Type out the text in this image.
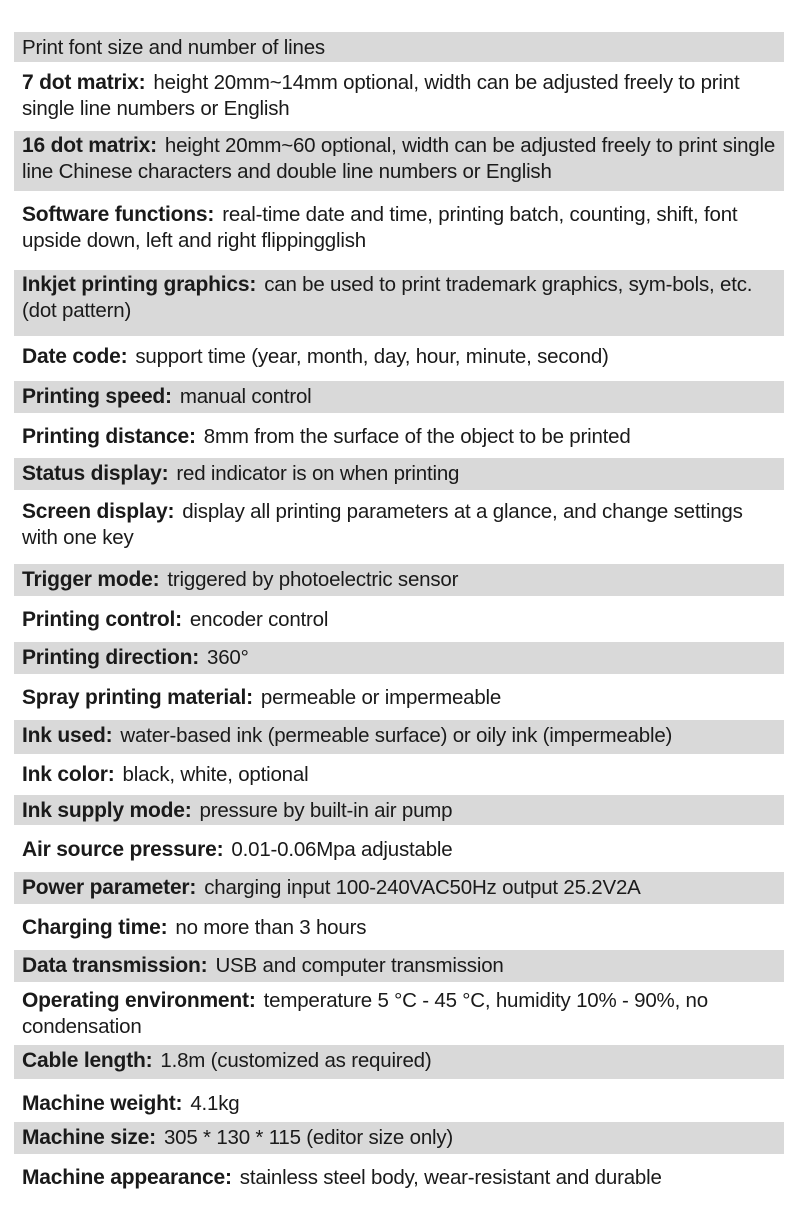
Print font size and number of lines
7 dot matrix: height 20mm~14mm optional, width can be adjusted freely to print single line numbers or English
16 dot matrix: height 20mm~60 optional, width can be adjusted freely to print single line Chinese characters and double line numbers or English
Software functions: real-time date and time, printing batch, counting, shift, font upside down, left and right flippingglish
Inkjet printing graphics: can be used to print trademark graphics, sym-bols, etc. (dot pattern)
Date code: support time (year, month, day, hour, minute, second)
Printing speed: manual control
Printing distance: 8mm from the surface of the object to be printed
Status display: red indicator is on when printing
Screen display: display all printing parameters at a glance, and change settings with one key
Trigger mode: triggered by photoelectric sensor
Printing control: encoder control
Printing direction: 360°
Spray printing material: permeable or impermeable
Ink used: water-based ink (permeable surface) or oily ink (impermeable)
Ink color: black, white, optional
Ink supply mode: pressure by built-in air pump
Air source pressure: 0.01-0.06Mpa adjustable
Power parameter: charging input 100-240VAC50Hz output 25.2V2A
Charging time: no more than 3 hours
Data transmission: USB and computer transmission
Operating environment: temperature 5 °C - 45 °C, humidity 10% - 90%, no condensation
Cable length: 1.8m (customized as required)
Machine weight: 4.1kg
Machine size: 305 * 130 * 115 (editor size only)
Machine appearance: stainless steel body, wear-resistant and durable
